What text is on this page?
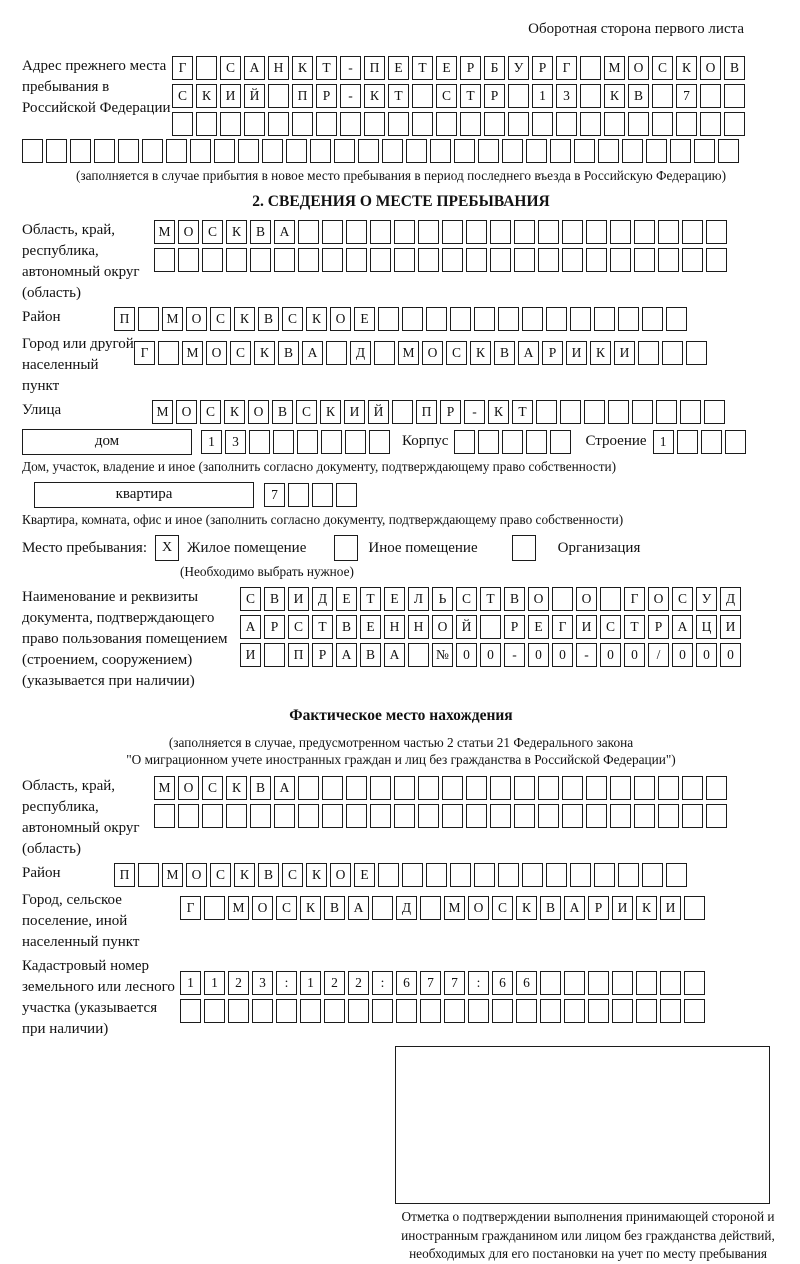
Оборотная сторона первого листа
Адрес прежнего места пребывания в Российской Федерации
Г	С	А	Н	К	Т	-	П	Е	Т	Е	Р	Б	У	Р	Г	М О	С	К	О	В
С	К	И	Й	П	Р	-	К	Т	С	Т	Р	1	3	К	В	7
(заполняется в случае прибытия в новое место пребывания в период последнего въезда в Российскую Федерацию)
2. СВЕДЕНИЯ О МЕСТЕ ПРЕБЫВАНИЯ
Область, край, республика, автономный округ (область)
М О	С	К	В	А
Район	П	М О	С	К	В	С	К	О	Е
Город или другой населенный пункт
Г	М О	С	К	В	А	Д	М О	С	К	В	А	Р	И	К	И
Улица	М О	С	К	О	В	С	К	И	Й	П	Р	-	К	Т
дом	1	3	Корпус	Строение 1
Дом, участок, владение и иное (заполнить согласно документу, подтверждающему право собственности)
квартира	7
Квартира, комната, офис и иное (заполнить согласно документу, подтверждающему право собственности)
Место пребывания:	X Жилое помещение	Иное помещение	Организация
(Необходимо выбрать нужное)
Наименование и реквизиты документа, подтверждающего право пользования помещением (строением, сооружением) (указывается при наличии)
С	В	И	Д	Е	Т	Е	Л	Ь	С	Т	В	О	О	Г	О	С	У	Д
А	Р	С	Т	В	Е	Н	Н	О	Й	Р	Е	Г	И	С	Т	Р	А	Ц	И
И	П	Р	А	В	А	№	0	0	-	0	0	-	0	0	/	0	0	0
Фактическое место нахождения
(заполняется в случае, предусмотренном частью 2 статьи 21 Федерального закона
"О миграционном учете иностранных граждан и лиц без гражданства в Российской Федерации")
Область, край, республика, автономный округ (область)
М О	С	К	В	А
Район	П	М О	С	К	В	С	К	О	Е
Город, сельское поселение, иной населенный пункт
Г	М О	С	К	В	А	Д	М О	С	К	В	А	Р	И	К	И
Кадастровый номер земельного или лесного участка (указывается при наличии)
1	1	2	3	:	1	2	2	:	6	7	7	:	6	6
Отметка о подтверждении выполнения принимающей стороной и иностранным гражданином или лицом без гражданства действий, необходимых для его постановки на учет по месту пребывания
